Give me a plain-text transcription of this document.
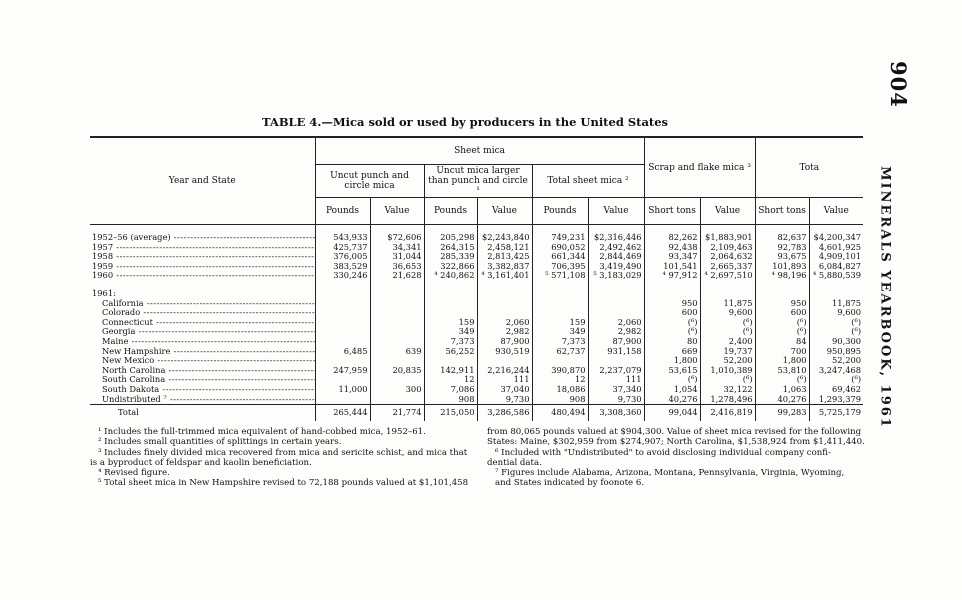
904
MINERALS YEARBOOK, 1961
TABLE 4.—Mica sold or used by producers in the United States
Year and State	Sheet mica						Scrap and flake mica ³		Tota	
	Uncut punch and circle mica		Uncut mica larger than punch and circle ¹		Total sheet mica ²					
	Pounds	Value	Pounds	Value	Pounds	Value	Short tons	Value	Short tons	Value

1952–56 (average) -----	543,933	$72,606	205,298	$2,243,840	749,231	$2,316,446	82,262	$1,883,901	82,637	$4,200,347
1957 -----	425,737	34,341	264,315	2,458,121	690,052	2,492,462	92,438	2,109,463	92,783	4,601,925
1958 -----	376,005	31,044	285,339	2,813,425	661,344	2,844,469	93,347	2,064,632	93,675	4,909,101
1959 -----	383,529	36,653	322,866	3,382,837	706,395	3,419,490	101,541	2,665,337	101,893	6,084,827
1960 -----	330,246	21,628	⁴ 240,862	⁴ 3,161,401	⁵ 571,108	⁵ 3,183,029	⁴ 97,912	⁴ 2,697,510	⁴ 98,196	⁴ 5,880,539

1961:										
California -----							950	11,875	950	11,875
Colorado -----							600	9,600	600	9,600
Connecticut -----			159	2,060	159	2,060	(⁶)	(⁶)	(⁶)	(⁶)
Georgia -----			349	2,982	349	2,982	(⁶)	(⁶)	(⁶)	(⁶)
Maine -----			7,373	87,900	7,373	87,900	80	2,400	84	90,300
New Hampshire -----	6,485	639	56,252	930,519	62,737	931,158	669	19,737	700	950,895
New Mexico -----							1,800	52,200	1,800	52,200
North Carolina -----	247,959	20,835	142,911	2,216,244	390,870	2,237,079	53,615	1,010,389	53,810	3,247,468
South Carolina -----			12	111	12	111	(⁶)	(⁶)	(⁶)	(⁶)
South Dakota -----	11,000	300	7,086	37,040	18,086	37,340	1,054	32,122	1,063	69,462
Undistributed ⁷ -----			908	9,730	908	9,730	40,276	1,278,496	40,276	1,293,379
Total	265,444	21,774	215,050	3,286,586	480,494	3,308,360	99,044	2,416,819	99,283	5,725,179

¹ Includes the full-trimmed mica equivalent of hand-cobbed mica, 1952–61.

² Includes small quantities of splittings in certain years.

³ Includes finely divided mica recovered from mica and sericite schist, and mica that

is a byproduct of feldspar and kaolin beneficiation.

⁴ Revised figure.

⁵ Total sheet mica in New Hampshire revised to 72,188 pounds valued at $1,101,458

from 80,065 pounds valued at $904,300. Value of sheet mica revised for the following

States: Maine, $302,959 from $274,907; North Carolina, $1,538,924 from $1,411,440.

⁶ Included with "Undistributed" to avoid disclosing individual company confi-

dential data.

⁷ Figures include Alabama, Arizona, Montana, Pennsylvania, Virginia, Wyoming,

and States indicated by foonote 6.
